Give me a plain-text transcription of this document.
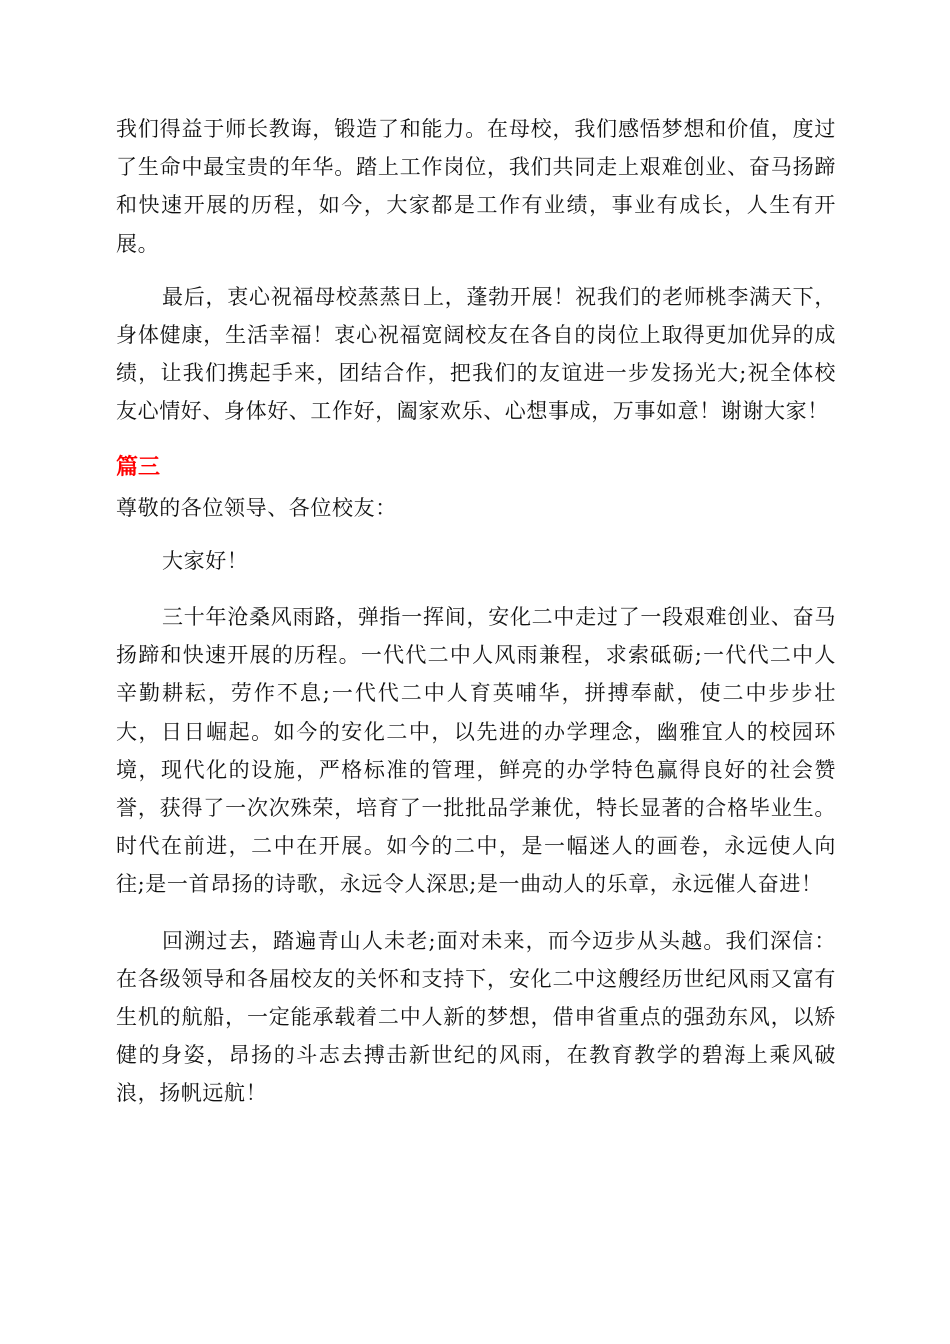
我们得益于师长教诲，锻造了和能力。在母校，我们感悟梦想和价值，度过了生命中最宝贵的年华。踏上工作岗位，我们共同走上艰难创业、奋马扬蹄和快速开展的历程，如今，大家都是工作有业绩，事业有成长，人生有开展。

最后，衷心祝福母校蒸蒸日上，蓬勃开展！祝我们的老师桃李满天下，身体健康，生活幸福！衷心祝福宽阔校友在各自的岗位上取得更加优异的成绩，让我们携起手来，团结合作，把我们的友谊进一步发扬光大;祝全体校友心情好、身体好、工作好，阖家欢乐、心想事成，万事如意！谢谢大家！

篇三

尊敬的各位领导、各位校友：

大家好！

三十年沧桑风雨路，弹指一挥间，安化二中走过了一段艰难创业、奋马扬蹄和快速开展的历程。一代代二中人风雨兼程，求索砥砺;一代代二中人辛勤耕耘，劳作不息;一代代二中人育英哺华，拼搏奉献，使二中步步壮大，日日崛起。如今的安化二中，以先进的办学理念，幽雅宜人的校园环境，现代化的设施，严格标准的管理，鲜亮的办学特色赢得良好的社会赞誉，获得了一次次殊荣，培育了一批批品学兼优，特长显著的合格毕业生。时代在前进，二中在开展。如今的二中，是一幅迷人的画卷，永远使人向往;是一首昂扬的诗歌，永远令人深思;是一曲动人的乐章，永远催人奋进！

回溯过去，踏遍青山人未老;面对未来，而今迈步从头越。我们深信：在各级领导和各届校友的关怀和支持下，安化二中这艘经历世纪风雨又富有生机的航船，一定能承载着二中人新的梦想，借申省重点的强劲东风，以矫健的身姿，昂扬的斗志去搏击新世纪的风雨，在教育教学的碧海上乘风破浪，扬帆远航！
